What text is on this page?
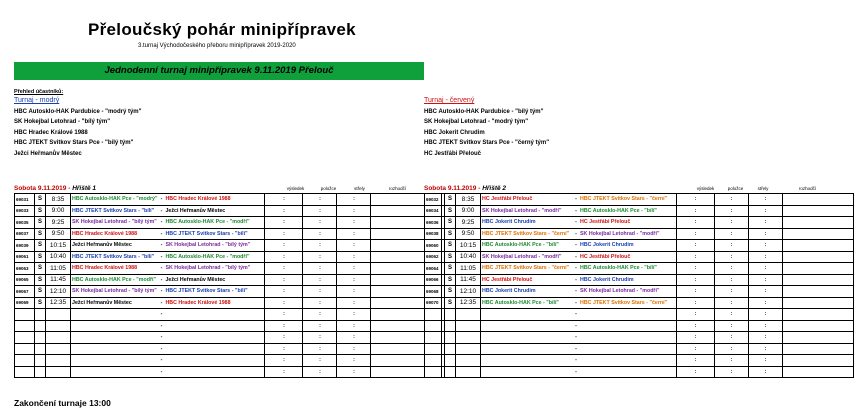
Přeloučský pohár minipřípravek
3.turnaj Východočeského přeboru minipřípravek 2019-2020
Jednodenní turnaj minipřípravek 9.11.2019 Přelouč
Přehled účastníků:
Turnaj - modrý
HBC Autosklo-HAK Pardubice - "modrý tým"
SK Hokejbal Letohrad - "bílý tým"
HBC Hradec Králové 1988
HBC JTEKT Svitkov Stars Pce - "bílý tým"
Ježci Heřmanův Městec
Turnaj - červený
HBC Autosklo-HAK Pardubice - "bílý tým"
SK Hokejbal Letohrad - "modrý tým"
HBC Jokerit Chrudim
HBC JTEKT Svitkov Stars Pce - "černý tým"
HC Jestřábi Přelouč
Sobota 9.11.2019 - Hřiště 1	výsledek	položce	střely	rozhodčí	Sobota 9.11.2019 - Hřiště 2	výsledek	položce	střely	rozhodčí
69031	S	8:35	HBC Autosklo-HAK Pce - "modrý"	-	HBC Hradec Králové 1988	:	:	:	
69033	S	9:00	HBC JTEKT Svitkov Stars - "bílí"	-	Ježci Heřmanův Městec	:	:	:	
69035	S	9:25	SK Hokejbal Letohrad - "bílý tým"	-	HBC Autosklo-HAK Pce - "modří"	:	:	:	
69037	S	9:50	HBC Hradec Králové 1988	-	HBC JTEKT Svitkov Stars - "bílí"	:	:	:	
69039	S	10:15	Ježci Heřmanův Městec	-	SK Hokejbal Letohrad - "bílý tým"	:	:	:	
69061	S	10:40	HBC JTEKT Svitkov Stars - "bílí"	-	HBC Autosklo-HAK Pce - "modří"	:	:	:	
69063	S	11:05	HBC Hradec Králové 1988	-	SK Hokejbal Letohrad - "bílý tým"	:	:	:	
69065	S	11:45	HBC Autosklo-HAK Pce - "modří"	-	Ježci Heřmanův Městec	:	:	:	
69067	S	12:10	SK Hokejbal Letohrad - "bílý tým"	-	HBC JTEKT Svitkov Stars - "bílí"	:	:	:	
69069	S	12:35	Ježci Heřmanův Městec	-	HBC Hradec Králové 1988	:	:	:	
				-		:	:	:	
				-		:	:	:	
				-		:	:	:	
				-		:	:	:	
				-		:	:	:	
				-		:	:	:	
69032	S	8:35	HC Jestřábi Přelouč	-	HBC JTEKT Svitkov Stars - "černí"	:	:	:	
69034	S	9:00	SK Hokejbal Letohrad - "modří"	-	HBC Autosklo-HAK Pce - "bílí"	:	:	:	
69036	S	9:25	HBC Jokerit Chrudim	-	HC Jestřábi Přelouč	:	:	:	
69038	S	9:50	HBC JTEKT Svitkov Stars - "černí"	-	SK Hokejbal Letohrad - "modří"	:	:	:	
69060	S	10:15	HBC Autosklo-HAK Pce - "bílí"	-	HBC Jokerit Chrudim	:	:	:	
69062	S	10:40	SK Hokejbal Letohrad - "modří"	-	HC Jestřábi Přelouč	:	:	:	
69064	S	11:05	HBC JTEKT Svitkov Stars - "černí"	-	HBC Autosklo-HAK Pce - "bílí"	:	:	:	
69066	S	11:45	HC Jestřábi Přelouč	-	HBC Jokerit Chrudim	:	:	:	
69068	S	12:10	HBC Jokerit Chrudim	-	SK Hokejbal Letohrad - "modří"	:	:	:	
69070	S	12:35	HBC Autosklo-HAK Pce - "bílí"	-	HBC JTEKT Svitkov Stars - "černí"	:	:	:	
				-		:	:	:	
				-		:	:	:	
				-		:	:	:	
				-		:	:	:	
				-		:	:	:	
				-		:	:	:	
Zakončení turnaje 13:00
